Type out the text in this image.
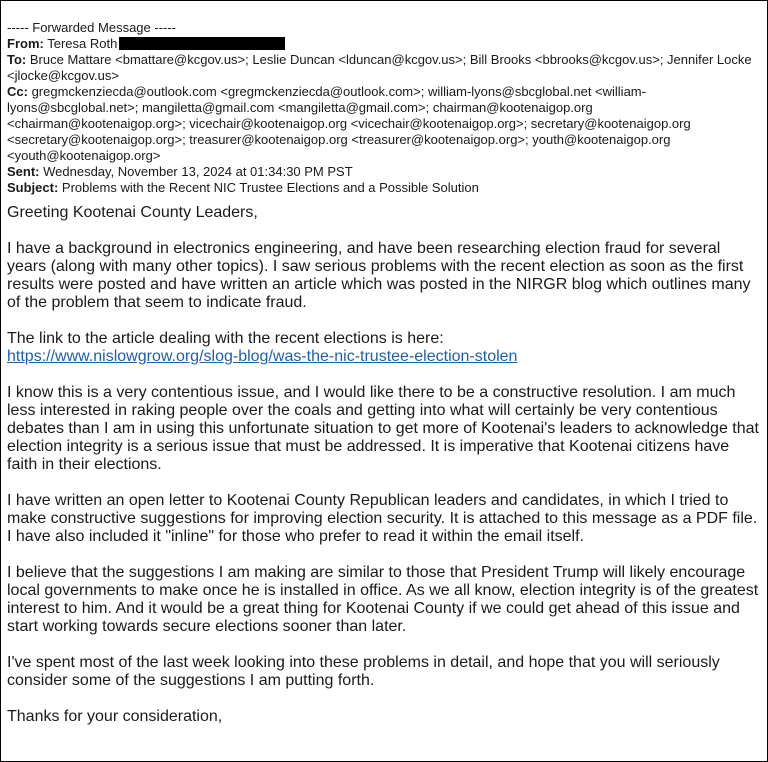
----- Forwarded Message -----
From: Teresa Roth
To: Bruce Mattare <bmattare@kcgov.us>; Leslie Duncan <lduncan@kcgov.us>; Bill Brooks <bbrooks@kcgov.us>; Jennifer Locke
<jlocke@kcgov.us>
Cc: gregmckenziecda@outlook.com <gregmckenziecda@outlook.com>; william-lyons@sbcglobal.net <william-
lyons@sbcglobal.net>; mangiletta@gmail.com <mangiletta@gmail.com>; chairman@kootenaigop.org
<chairman@kootenaigop.org>; vicechair@kootenaigop.org <vicechair@kootenaigop.org>; secretary@kootenaigop.org
<secretary@kootenaigop.org>; treasurer@kootenaigop.org <treasurer@kootenaigop.org>; youth@kootenaigop.org
<youth@kootenaigop.org>
Sent: Wednesday, November 13, 2024 at 01:34:30 PM PST
Subject: Problems with the Recent NIC Trustee Elections and a Possible Solution

Greeting Kootenai County Leaders,

I have a background in electronics engineering, and have been researching election fraud for several years (along with many other topics). I saw serious problems with the recent election as soon as the first results were posted and have written an article which was posted in the NIRGR blog which outlines many of the problem that seem to indicate fraud.

The link to the article dealing with the recent elections is here:
https://www.nislowgrow.org/slog-blog/was-the-nic-trustee-election-stolen

I know this is a very contentious issue, and I would like there to be a constructive resolution. I am much less interested in raking people over the coals and getting into what will certainly be very contentious debates than I am in using this unfortunate situation to get more of Kootenai's leaders to acknowledge that election integrity is a serious issue that must be addressed. It is imperative that Kootenai citizens have faith in their elections.

I have written an open letter to Kootenai County Republican leaders and candidates, in which I tried to make constructive suggestions for improving election security. It is attached to this message as a PDF file. I have also included it "inline" for those who prefer to read it within the email itself.

I believe that the suggestions I am making are similar to those that President Trump will likely encourage local governments to make once he is installed in office. As we all know, election integrity is of the greatest interest to him. And it would be a great thing for Kootenai County if we could get ahead of this issue and start working towards secure elections sooner than later.

I've spent most of the last week looking into these problems in detail, and hope that you will seriously consider some of the suggestions I am putting forth.

Thanks for your consideration,
